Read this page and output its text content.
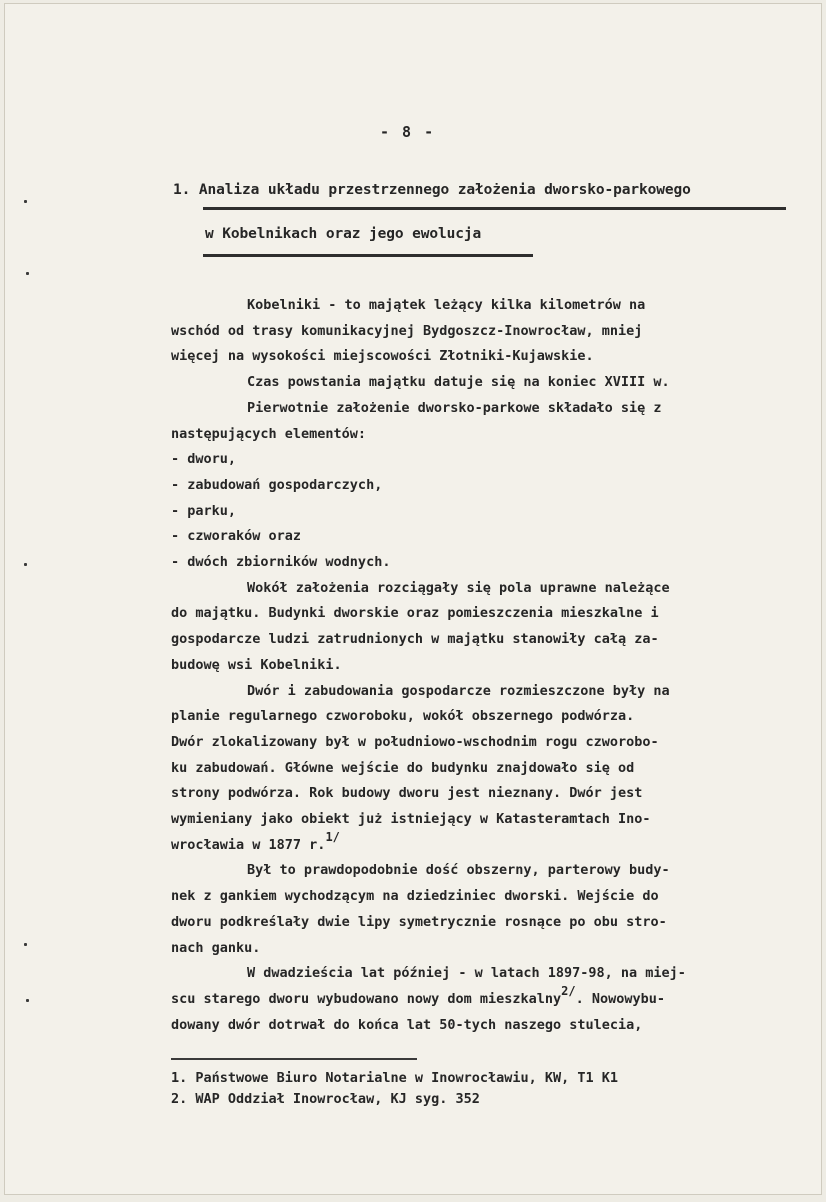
- 8 -
1. Analiza układu przestrzennego założenia dworsko-parkowego
w Kobelnikach oraz jego ewolucja
Kobelniki - to majątek leżący kilka kilometrów na
wschód od trasy komunikacyjnej Bydgoszcz-Inowrocław, mniej
więcej na wysokości miejscowości Złotniki-Kujawskie.
Czas powstania majątku datuje się na koniec XVIII w.
Pierwotnie założenie dworsko-parkowe składało się z
następujących elementów:
- dworu,
- zabudowań gospodarczych,
- parku,
- czworaków oraz
- dwóch zbiorników wodnych.
Wokół założenia rozciągały się pola uprawne należące
do majątku. Budynki dworskie oraz pomieszczenia mieszkalne i
gospodarcze ludzi zatrudnionych w majątku stanowiły całą za-
budowę wsi Kobelniki.
Dwór i zabudowania gospodarcze rozmieszczone były na
planie regularnego czworoboku, wokół obszernego podwórza.
Dwór zlokalizowany był w południowo-wschodnim rogu czworobo-
ku zabudowań. Główne wejście do budynku znajdowało się od
strony podwórza. Rok budowy dworu jest nieznany. Dwór jest
wymieniany jako obiekt już istniejący w Katasteramtach Ino-
wrocławia w 1877 r.$^{1/}$
Był to prawdopodobnie dość obszerny, parterowy budy-
nek z gankiem wychodzącym na dziedziniec dworski. Wejście do
dworu podkreślały dwie lipy symetrycznie rosnące po obu stro-
nach ganku.
W dwadzieścia lat później - w latach 1897-98, na miej-
scu starego dworu wybudowano nowy dom mieszkalny$^{2/}$. Nowowybu-
dowany dwór dotrwał do końca lat 50-tych naszego stulecia,
1. Państwowe Biuro Notarialne w Inowrocławiu, KW, T1 K1
2. WAP Oddział Inowrocław, KJ syg. 352
